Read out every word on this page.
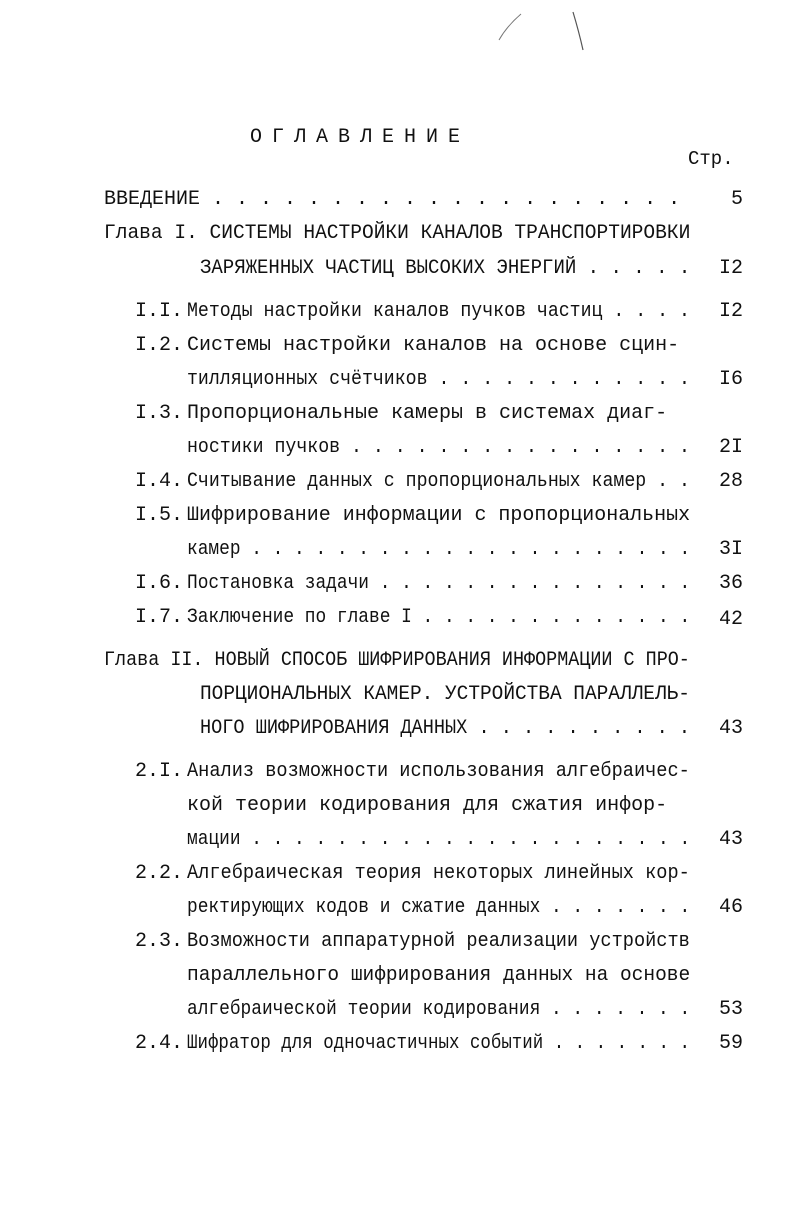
ОГЛАВЛЕНИЕ
Стр.
ВВЕДЕНИЕ . . . . . . . . . . . . . . . . . . . .	5
Глава I. СИСТЕМЫ НАСТРОЙКИ КАНАЛОВ ТРАНСПОРТИРОВКИ
ЗАРЯЖЕННЫХ ЧАСТИЦ ВЫСОКИХ ЭНЕРГИЙ . . . . .	I2
I.I. Методы настройки каналов пучков частиц . . . .	I2
I.2. Системы настройки каналов на основе сцин-
тилляционных счётчиков . . . . . . . . . . . .	I6
I.3. Пропорциональные камеры в системах диаг-
ностики пучков . . . . . . . . . . . . . . . .	2I
I.4. Считывание данных с пропорциональных камер . .	28
I.5. Шифрирование информации с пропорциональных
камер . . . . . . . . . . . . . . . . . . . . .	3I
I.6. Постановка задачи . . . . . . . . . . . . . . .	36
I.7. Заключение по главе I . . . . . . . . . . . . .	42
Глава II. НОВЫЙ СПОСОБ ШИФРИРОВАНИЯ ИНФОРМАЦИИ С ПРО-
ПОРЦИОНАЛЬНЫХ КАМЕР. УСТРОЙСТВА ПАРАЛЛЕЛЬ-
НОГО ШИФРИРОВАНИЯ ДАННЫХ . . . . . . . . . .	43
2.I. Анализ возможности использования алгебраичес-
кой теории кодирования для сжатия инфор-
мации . . . . . . . . . . . . . . . . . . . . .	43
2.2. Алгебраическая теория некоторых линейных кор-
ректирующих кодов и сжатие данных . . . . . . .	46
2.3. Возможности аппаратурной реализации устройств
параллельного шифрирования данных на основе
алгебраической теории кодирования . . . . . . .	53
2.4. Шифратор для одночастичных событий . . . . . . .	59
